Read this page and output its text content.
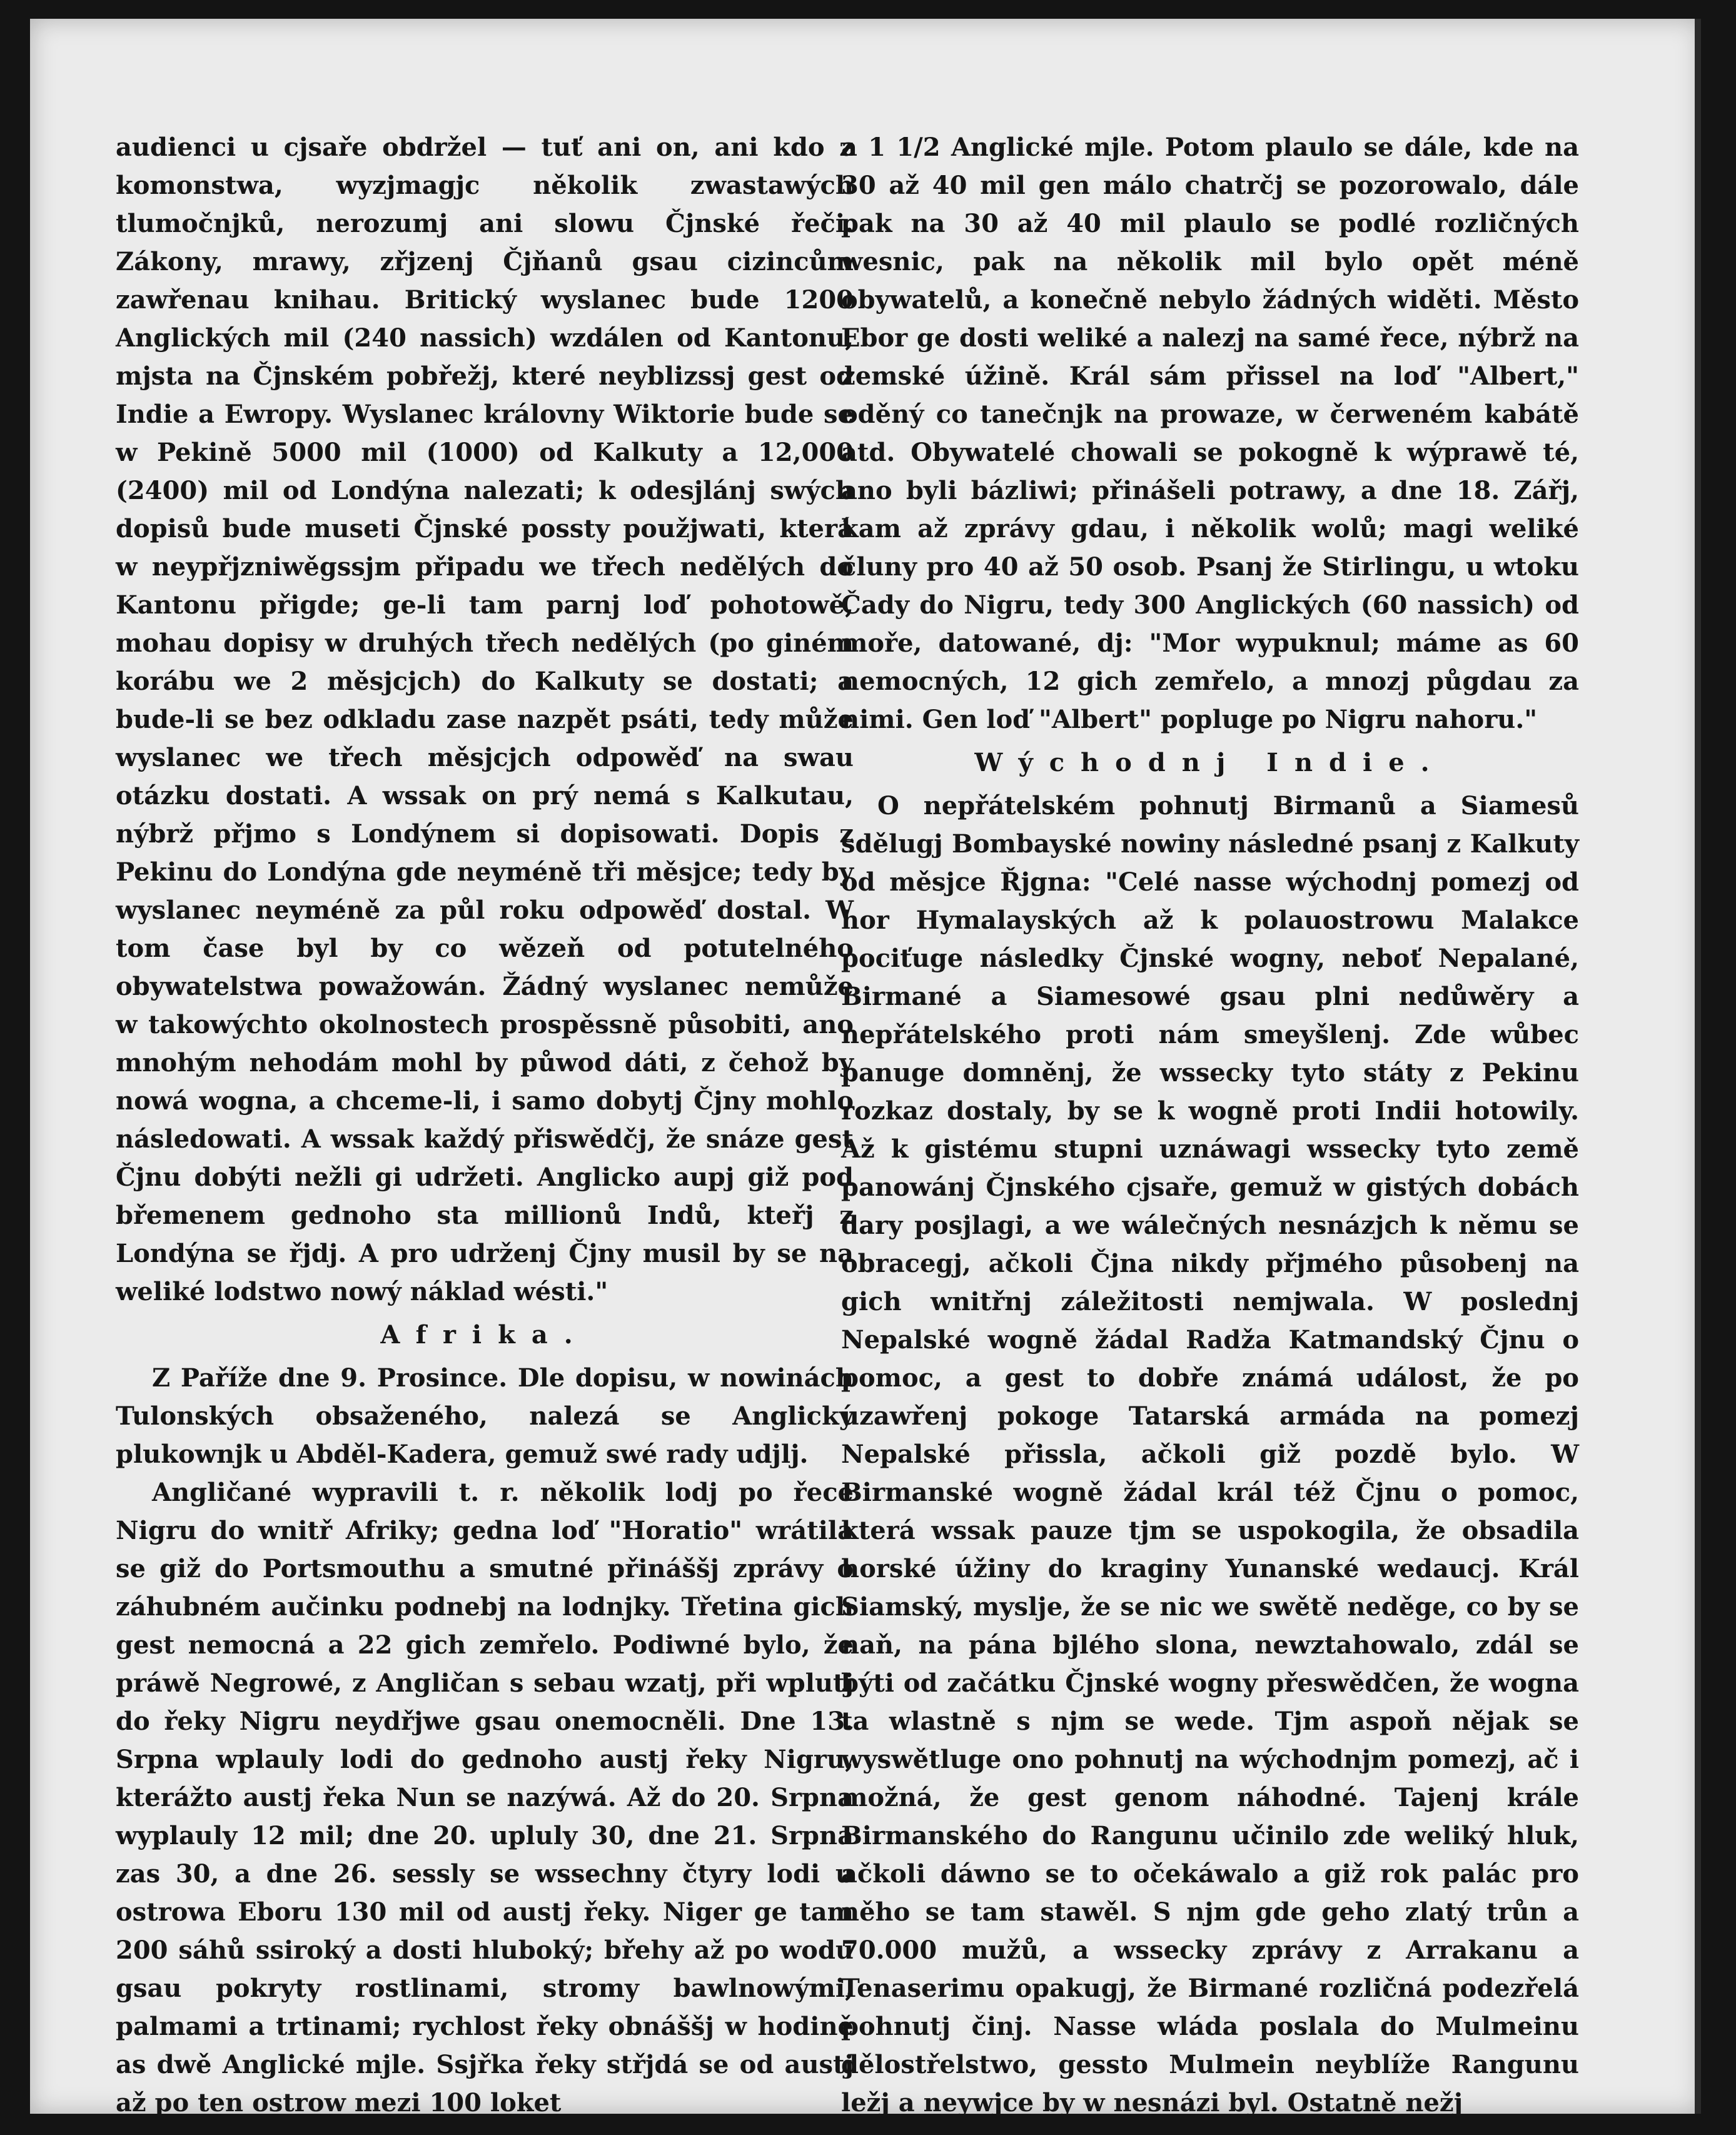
audienci u cjsaře obdržel — tuť ani on, ani kdo z komonstwa, wyzjmagjc několik zwastawých tlumočnjků, nerozumj ani slowu Čjnské řeči. Zákony, mrawy, zřjzenj Čjňanů gsau cizincům zawřenau knihau. Britický wyslanec bude 1200 Anglických mil (240 nassich) wzdálen od Kantonu, mjsta na Čjnském pobřežj, které neyblizssj gest od Indie a Ewropy. Wyslanec královny Wiktorie bude se w Pekině 5000 mil (1000) od Kalkuty a 12,000 (2400) mil od Londýna nalezati; k odesjlánj swých dopisů bude museti Čjnské possty použjwati, která w neypřjzniwěgssjm připadu we třech nedělých do Kantonu přigde; ge-li tam parnj loď pohotowě, mohau dopisy w druhých třech nedělých (po giném korábu we 2 měsjcjch) do Kalkuty se dostati; a bude-li se bez odkladu zase nazpět psáti, tedy může wyslanec we třech měsjcjch odpowěď na swau otázku dostati. A wssak on prý nemá s Kalkutau, nýbrž přjmo s Londýnem si dopisowati. Dopis z Pekinu do Londýna gde neyméně tři měsjce; tedy by wyslanec neyméně za půl roku odpowěď dostal. W tom čase byl by co wězeň od potutelného obywatelstwa powažowán. Žádný wyslanec nemůže w takowýchto okolnostech prospěssně působiti, ano mnohým nehodám mohl by půwod dáti, z čehož by nowá wogna, a chceme-li, i samo dobytj Čjny mohlo následowati. A wssak každý přiswědčj, že snáze gest Čjnu dobýti nežli gi udržeti. Anglicko aupj giž pod břemenem gednoho sta millionů Indů, kteřj z Londýna se řjdj. A pro udrženj Čjny musil by se na weliké lodstwo nowý náklad wésti."

Afrika.

Z Paříže dne 9. Prosince. Dle dopisu, w nowinách Tulonských obsaženého, nalezá se Anglický plukownjk u Abděl-Kadera, gemuž swé rady udjlj.

Angličané wypravili t. r. několik lodj po řece Nigru do wnitř Afriky; gedna loď "Horatio" wrátila se giž do Portsmouthu a smutné přináššj zprávy o záhubném aučinku podnebj na lodnjky. Třetina gich gest nemocná a 22 gich zemřelo. Podiwné bylo, že práwě Negrowé, z Angličan s sebau wzatj, při wplutj do řeky Nigru neydřjwe gsau onemocněli. Dne 13. Srpna wplauly lodi do gednoho austj řeky Nigru, kterážto austj řeka Nun se nazýwá. Až do 20. Srpna wyplauly 12 mil; dne 20. upluly 30, dne 21. Srpna zas 30, a dne 26. sessly se wssechny čtyry lodi u ostrowa Eboru 130 mil od austj řeky. Niger ge tam 200 sáhů ssiroký a dosti hluboký; břehy až po wodu gsau pokryty rostlinami, stromy bawlnowými, palmami a trtinami; rychlost řeky obnáššj w hodině as dwě Anglické mjle. Ssjřka řeky střjdá se od austj až po ten ostrow mezi 100 loket

a 1 1/2 Anglické mjle. Potom plaulo se dále, kde na 30 až 40 mil gen málo chatrčj se pozorowalo, dále pak na 30 až 40 mil plaulo se podlé rozličných wesnic, pak na několik mil bylo opět méně obywatelů, a konečně nebylo žádných widěti. Město Ebor ge dosti weliké a nalezj na samé řece, nýbrž na zemské úžině. Král sám přissel na loď "Albert," oděný co tanečnjk na prowaze, w čerweném kabátě atd. Obywatelé chowali se pokogně k wýprawě té, ano byli bázliwi; přinášeli potrawy, a dne 18. Zářj, kam až zprávy gdau, i několik wolů; magi weliké čluny pro 40 až 50 osob. Psanj že Stirlingu, u wtoku Čady do Nigru, tedy 300 Anglických (60 nassich) od moře, datowané, dj: "Mor wypuknul; máme as 60 nemocných, 12 gich zemřelo, a mnozj půgdau za nimi. Gen loď "Albert" popluge po Nigru nahoru."

Wýchodnj Indie.

O nepřátelském pohnutj Birmanů a Siamesů sdělugj Bombayské nowiny následné psanj z Kalkuty od měsjce Řjgna: "Celé nasse wýchodnj pomezj od hor Hymalayských až k polauostrowu Malakce pociťuge následky Čjnské wogny, neboť Nepalané, Birmané a Siamesowé gsau plni nedůwěry a nepřátelského proti nám smeyšlenj. Zde wůbec panuge domněnj, že wssecky tyto státy z Pekinu rozkaz dostaly, by se k wogně proti Indii hotowily. Až k gistému stupni uznáwagi wssecky tyto země panowánj Čjnského cjsaře, gemuž w gistých dobách dary posjlagi, a we wálečných nesnázjch k němu se obracegj, ačkoli Čjna nikdy přjmého působenj na gich wnitřnj záležitosti nemjwala. W poslednj Nepalské wogně žádal Radža Katmandský Čjnu o pomoc, a gest to dobře známá událost, že po uzawřenj pokoge Tatarská armáda na pomezj Nepalské přissla, ačkoli giž pozdě bylo. W Birmanské wogně žádal král též Čjnu o pomoc, která wssak pauze tjm se uspokogila, že obsadila horské úžiny do kraginy Yunanské wedaucj. Král Siamský, myslje, že se nic we swětě neděge, co by se naň, na pána bjlého slona, newztahowalo, zdál se býti od začátku Čjnské wogny přeswědčen, že wogna ta wlastně s njm se wede. Tjm aspoň nějak se wyswětluge ono pohnutj na wýchodnjm pomezj, ač i možná, že gest genom náhodné. Tajenj krále Birmanského do Rangunu učinilo zde weliký hluk, ačkoli dáwno se to očekáwalo a giž rok palác pro něho se tam stawěl. S njm gde geho zlatý trůn a 70.000 mužů, a wssecky zprávy z Arrakanu a Tenaserimu opakugj, že Birmané rozličná podezřelá pohnutj činj. Nasse wláda poslala do Mulmeinu dělostřelstwo, gessto Mulmein neyblíže Rangunu ležj a neywjce by w nesnázi byl. Ostatně nežj
